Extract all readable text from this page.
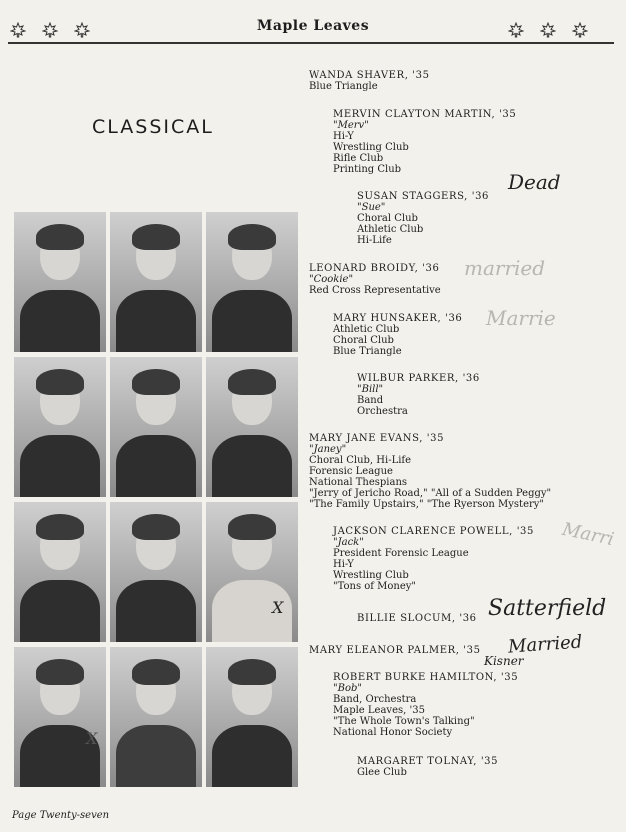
Maple Leaves
CLASSICAL
X
X
WANDA SHAVER, '35
Blue Triangle
MERVIN CLAYTON MARTIN, '35
"Merv"
Hi-Y
Wrestling Club
Rifle Club
Printing Club
SUSAN STAGGERS, '36
"Sue"
Choral Club
Athletic Club
Hi-Life
LEONARD BROIDY, '36
"Cookie"
Red Cross Representative
MARY HUNSAKER, '36
Athletic Club
Choral Club
Blue Triangle
WILBUR PARKER, '36
"Bill"
Band
Orchestra
MARY JANE EVANS, '35
"Janey"
Choral Club, Hi-Life
Forensic League
National Thespians
"Jerry of Jericho Road," "All of a Sudden Peggy"
"The Family Upstairs," "The Ryerson Mystery"
JACKSON CLARENCE POWELL, '35
"Jack"
President Forensic League
Hi-Y
Wrestling Club
"Tons of Money"
BILLIE SLOCUM, '36
MARY ELEANOR PALMER, '35
ROBERT BURKE HAMILTON, '35
"Bob"
Band, Orchestra
Maple Leaves, '35
"The Whole Town's Talking"
National Honor Society
MARGARET TOLNAY, '35
Glee Club
Dead
married
Marrie
Marri
Satterfield
Married
Kisner
Page Twenty-seven
